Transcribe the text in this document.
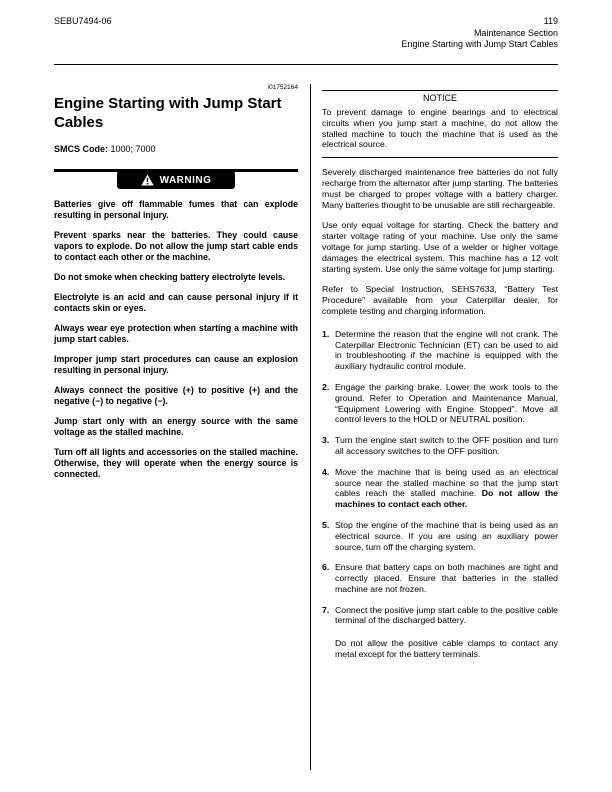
SEBU7494-06	119
Maintenance Section
Engine Starting with Jump Start Cables
i01752164
Engine Starting with Jump Start Cables

SMCS Code: 1000; 7000

WARNING

Batteries give off flammable fumes that can explode resulting in personal injury.

Prevent sparks near the batteries. They could cause vapors to explode. Do not allow the jump start cable ends to contact each other or the machine.

Do not smoke when checking battery electrolyte levels.

Electrolyte is an acid and can cause personal injury if it contacts skin or eyes.

Always wear eye protection when starting a machine with jump start cables.

Improper jump start procedures can cause an explosion resulting in personal injury.

Always connect the positive (+) to positive (+) and the negative (−) to negative (−).

Jump start only with an energy source with the same voltage as the stalled machine.

Turn off all lights and accessories on the stalled machine. Otherwise, they will operate when the energy source is connected.

NOTICE

To prevent damage to engine bearings and to electrical circuits when you jump start a machine, do not allow the stalled machine to touch the machine that is used as the electrical source.

Severely discharged maintenance free batteries do not fully recharge from the alternator after jump starting. The batteries must be charged to proper voltage with a battery charger. Many batteries thought to be unusable are still rechargeable.

Use only equal voltage for starting. Check the battery and starter voltage rating of your machine. Use only the same voltage for jump starting. Use of a welder or higher voltage damages the electrical system. This machine has a 12 volt starting system. Use only the same voltage for jump starting.

Refer to Special Instruction, SEHS7633, “Battery Test Procedure” available from your Caterpillar dealer, for complete testing and charging information.

1. Determine the reason that the engine will not crank. The Caterpillar Electronic Technician (ET) can be used to aid in troubleshooting if the machine is equipped with the auxiliary hydraulic control module.
2. Engage the parking brake. Lower the work tools to the ground. Refer to Operation and Maintenance Manual, “Equipment Lowering with Engine Stopped”. Move all control levers to the HOLD or NEUTRAL position.
3. Turn the engine start switch to the OFF position and turn all accessory switches to the OFF position.
4. Move the machine that is being used as an electrical source near the stalled machine so that the jump start cables reach the stalled machine. Do not allow the machines to contact each other.
5. Stop the engine of the machine that is being used as an electrical source. If you are using an auxiliary power source, turn off the charging system.
6. Ensure that battery caps on both machines are tight and correctly placed. Ensure that batteries in the stalled machine are not frozen.
7. Connect the positive jump start cable to the positive cable terminal of the discharged battery.

Do not allow the positive cable clamps to contact any metal except for the battery terminals.
